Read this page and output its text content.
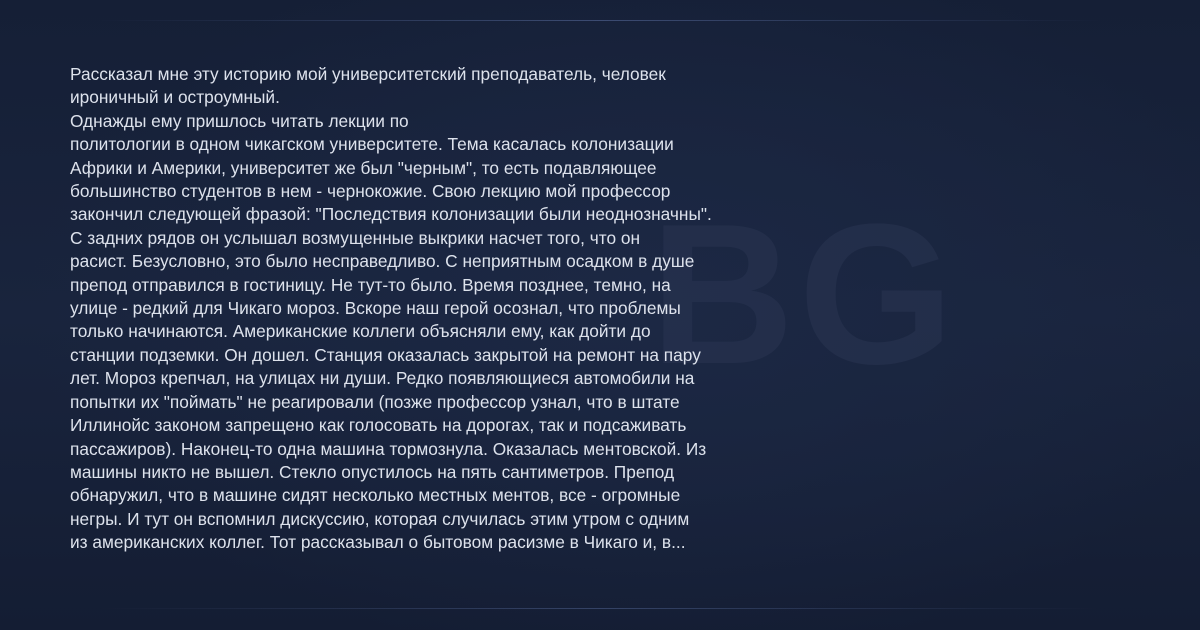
BG

Рассказал мне эту историю мой университетский преподаватель, человек
ироничный и остроумный.
Однажды ему пришлось читать лекции по
политологии в одном чикагском университете. Тема касалась колонизации
Африки и Америки, университет же был "черным", то есть подавляющее
большинство студентов в нем - чернокожие. Свою лекцию мой профессор
закончил следующей фразой: "Последствия колонизации были неоднозначны".
С задних рядов он услышал возмущенные выкрики насчет того, что он
расист. Безусловно, это было несправедливо. С неприятным осадком в душе
препод отправился в гостиницу. Не тут-то было. Время позднее, темно, на
улице - редкий для Чикаго мороз. Вскоре наш герой осознал, что проблемы
только начинаются. Американские коллеги объясняли ему, как дойти до
станции подземки. Он дошел. Станция оказалась закрытой на ремонт на пару
лет. Мороз крепчал, на улицах ни души. Редко появляющиеся автомобили на
попытки их "поймать" не реагировали (позже профессор узнал, что в штате
Иллинойс законом запрещено как голосовать на дорогах, так и подсаживать
пассажиров). Наконец-то одна машина тормознула. Оказалась ментовской. Из
машины никто не вышел. Стекло опустилось на пять сантиметров. Препод
обнаружил, что в машине сидят несколько местных ментов, все - огромные
негры. И тут он вспомнил дискуссию, которая случилась этим утром с одним
из американских коллег. Тот рассказывал о бытовом расизме в Чикаго и, в...
